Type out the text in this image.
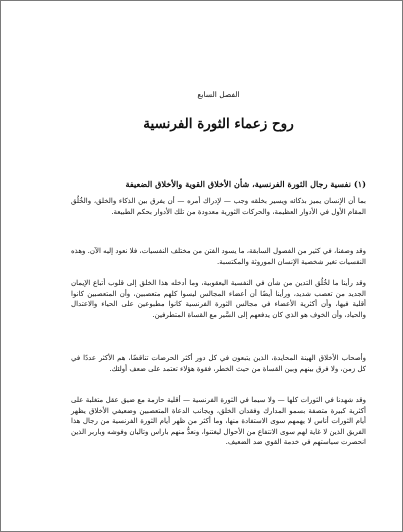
الفصل السابع
روح زعماء الثورة الفرنسية
(١) نفسية رجال الثورة الفرنسية، شأن الأخلاق القوية والأخلاق الضعيفة

بما أن الإنسان يميز بذكائه ويسير بخلقه وجب — لإدراك أمره — أن يفرق بين الذكاء والخلق، والخُلُق المقام الأول في الأدوار العظيمة، والحركات الثورية معدودة من تلك الأدوار بحكم الطبيعة.

وقد وصفنا، في كثير من الفصول السابقة، ما يسود الفتن من مختلف النفسيات، فلا نعود إليه الآن. وهذه النفسيات تغير شخصية الإنسان الموروثة والمكتسبة.

وقد رأينا ما لخُلُق التدين من شأن في النفسية اليعقوبية، وما أدخله هذا الخلق إلى قلوب أتباع الإيمان الجديد من تعصب شديد، ورأينا أيضًا أن أعضاء المجالس ليسوا كلهم متعصبين، وأن المتعصبين كانوا أقلية فيها، وأن أكثرية الأعضاء في مجالس الثورة الفرنسية كانوا مطبوعين على الحياء والاعتدال والحياد، وأن الخوف هو الذي كان يدفعهم إلى السَّير مع القساة المتطرفين.

وأصحاب الأخلاق الهينة المحايدة، الذين يتبعون في كل دور أكثر الحرضات تناقضًا، هم الأكثر عددًا في كل زمن، ولا فرق بينهم وبين القساة من حيث الخطر، فقوة هؤلاء تعتمد على ضعف أولئك.

وقد شهدنا في الثورات كلها — ولا سيما في الثورة الفرنسية — أقلية حازمة مع ضيق عقل متغلبة على أكثرية كبيرة متصفة بسمو المدارك وفقدان الخلق، ويجانب الدعاة المتعصبين وضعيفي الأخلاق يظهر أيام الثورات أناس لا يهمهم سوى الاستفادة منها، وما أكثر من ظهر أيام الثورة الفرنسية من رجال هذا الفريق الذين لا غاية لهم سوى الانتفاع من الأحوال ليغتنوا، ونعدُّ منهم باراس وتاليان وفوشه وباربر الذين انحصرت سياستهم في خدمة القوي ضد الضعيف.
